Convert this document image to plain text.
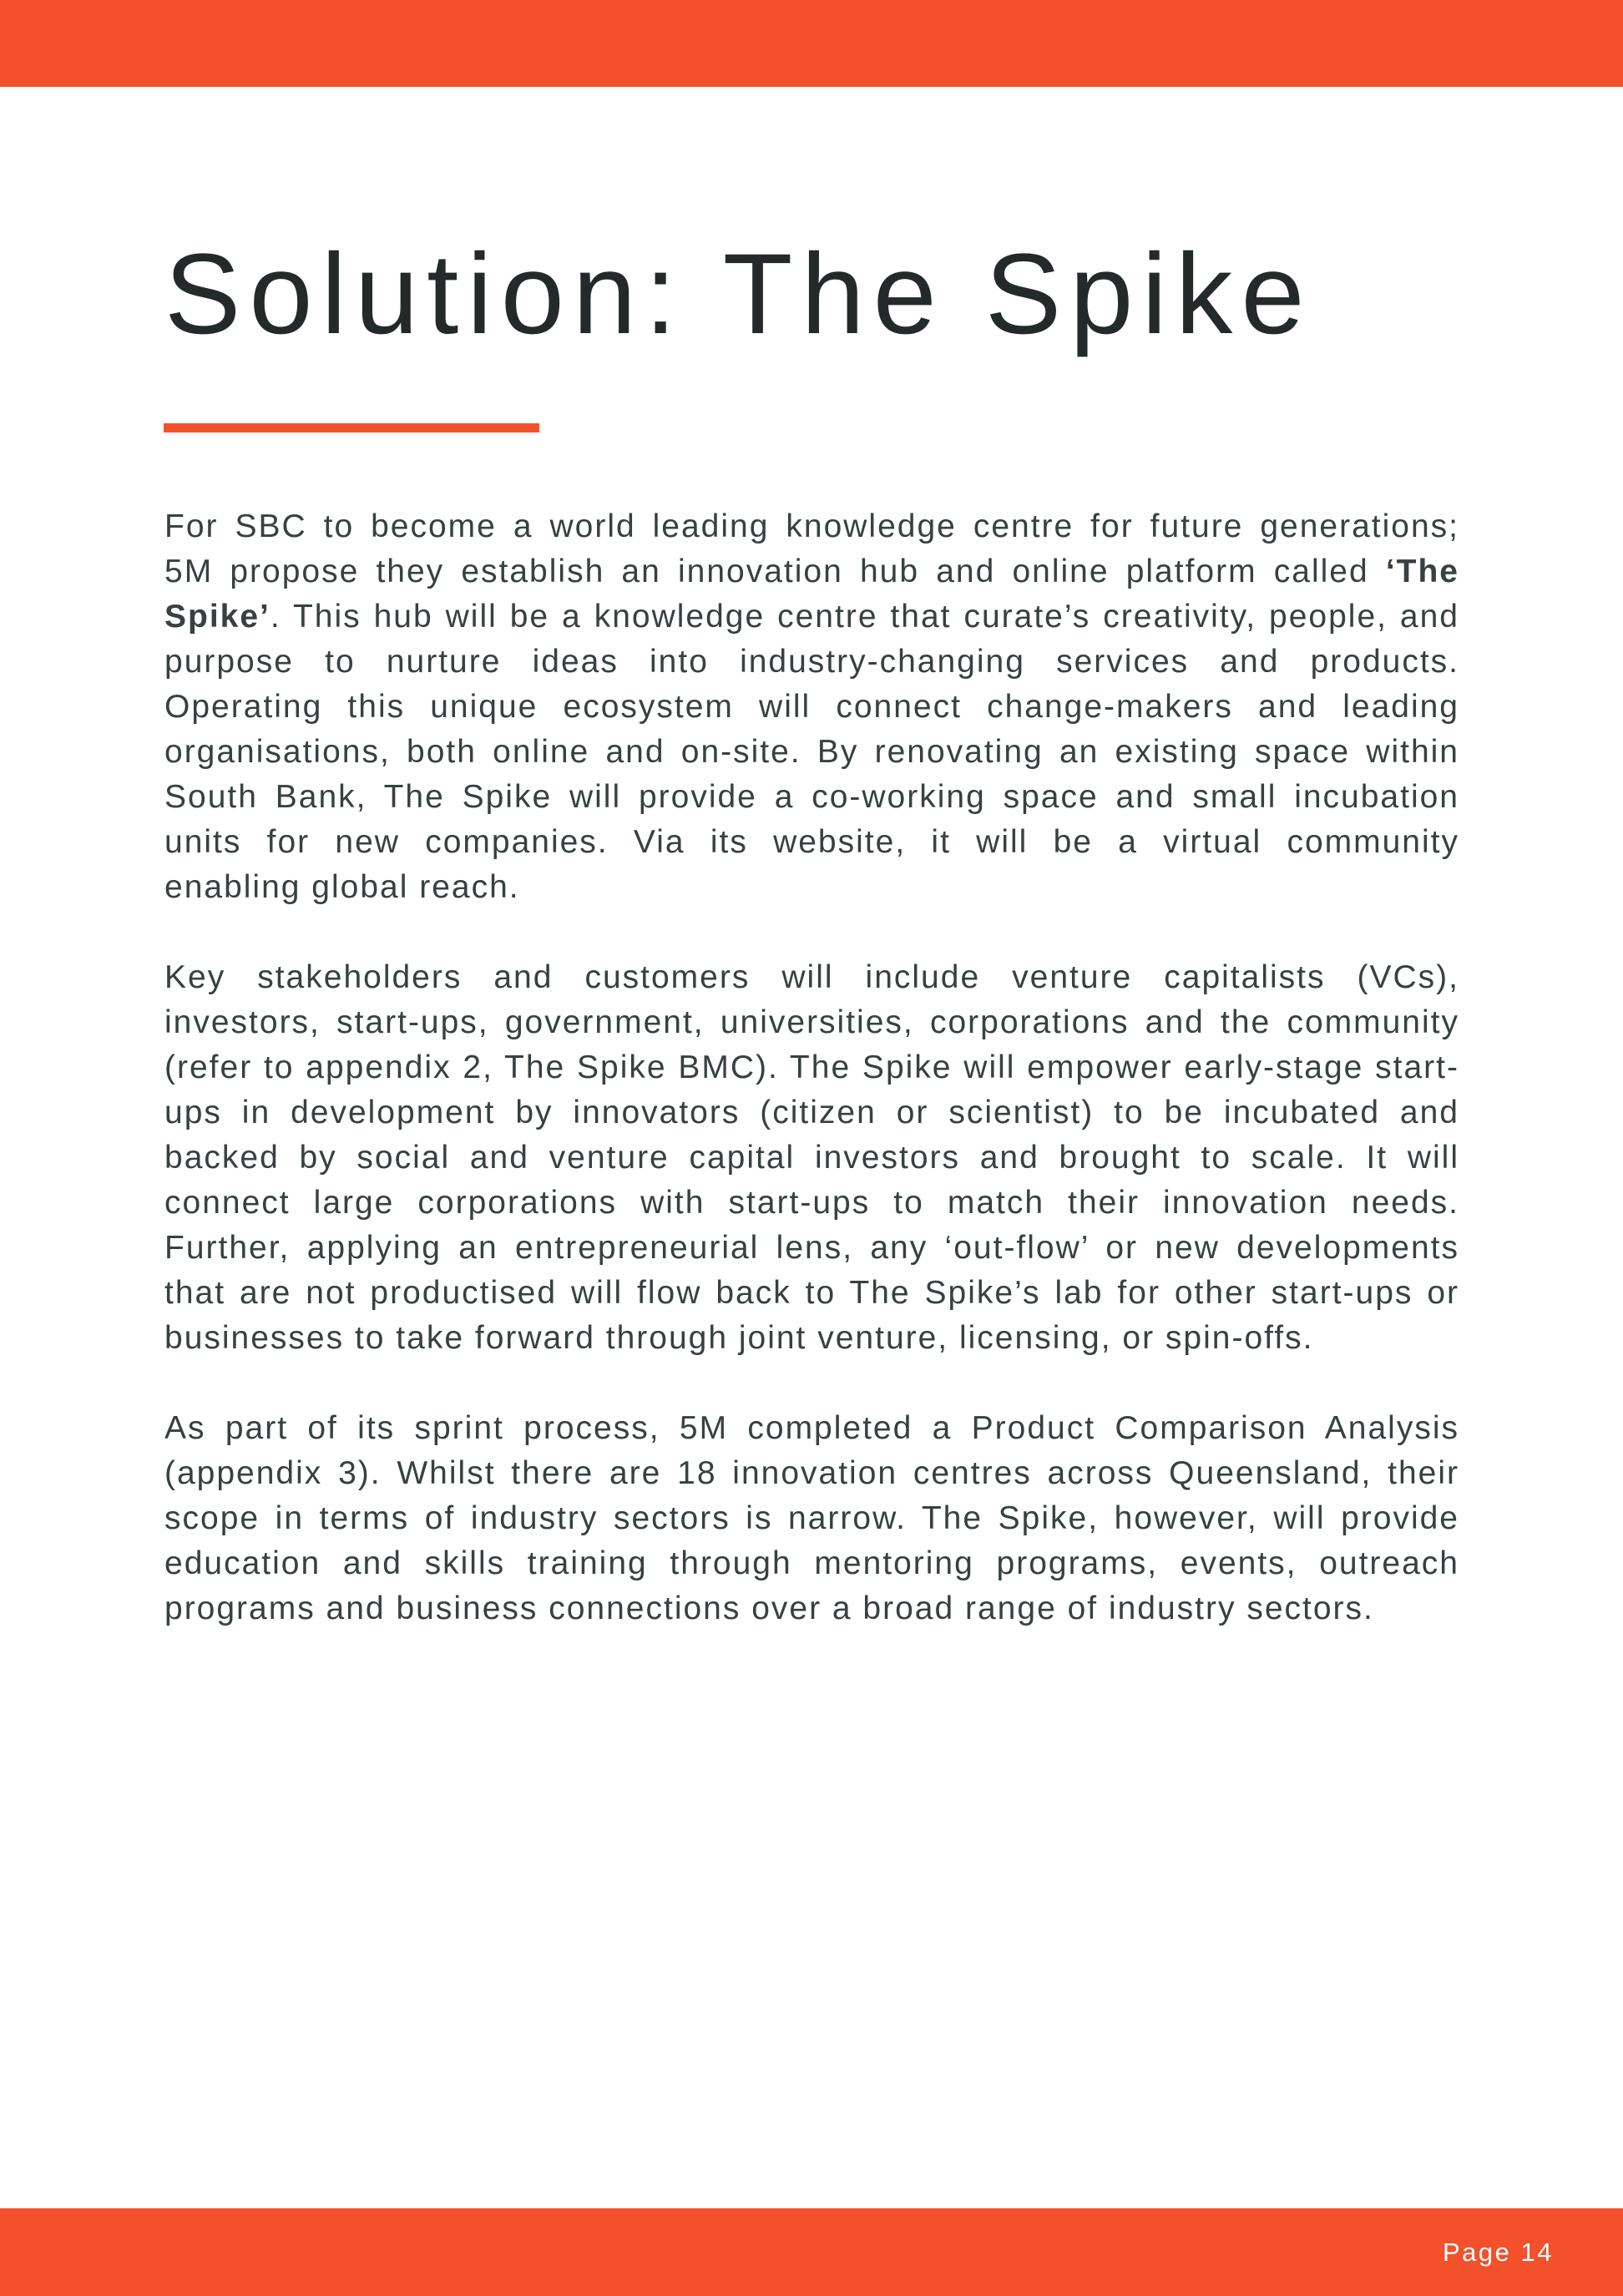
Solution: The Spike
For SBC to become a world leading knowledge centre for future generations;
5M propose they establish an innovation hub and online platform called ‘The
Spike’. This hub will be a knowledge centre that curate’s creativity, people, and
purpose to nurture ideas into industry-changing services and products.
Operating this unique ecosystem will connect change-makers and leading
organisations, both online and on-site. By renovating an existing space within
South Bank, The Spike will provide a co-working space and small incubation
units for new companies. Via its website, it will be a virtual community
enabling global reach.
Key stakeholders and customers will include venture capitalists (VCs),
investors, start-ups, government, universities, corporations and the community
(refer to appendix 2, The Spike BMC). The Spike will empower early-stage start-
ups in development by innovators (citizen or scientist) to be incubated and
backed by social and venture capital investors and brought to scale. It will
connect large corporations with start-ups to match their innovation needs.
Further, applying an entrepreneurial lens, any ‘out-flow’ or new developments
that are not productised will flow back to The Spike’s lab for other start-ups or
businesses to take forward through joint venture, licensing, or spin-offs.
As part of its sprint process, 5M completed a Product Comparison Analysis
(appendix 3). Whilst there are 18 innovation centres across Queensland, their
scope in terms of industry sectors is narrow. The Spike, however, will provide
education and skills training through mentoring programs, events, outreach
programs and business connections over a broad range of industry sectors.
Page 14
